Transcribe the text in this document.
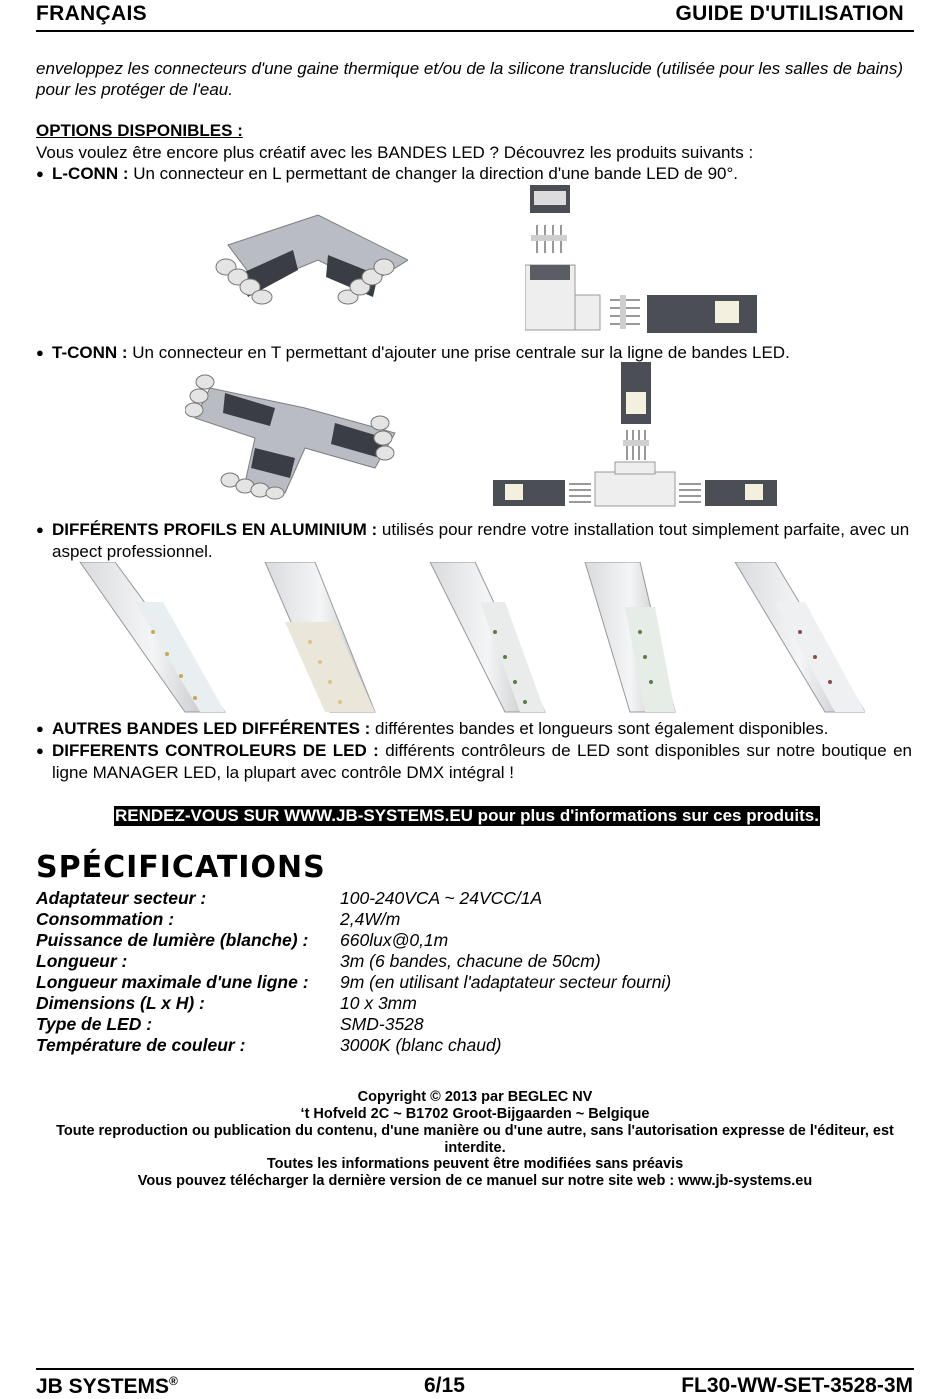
FRANÇAIS	GUIDE D'UTILISATION
enveloppez les connecteurs d'une gaine thermique et/ou de la silicone translucide (utilisée pour les salles de bains) pour les protéger de l'eau.
OPTIONS DISPONIBLES :
Vous voulez être encore plus créatif avec les BANDES LED ? Découvrez les produits suivants :
● L-CONN : Un connecteur en L permettant de changer la direction d'une bande LED de 90°.
● T-CONN : Un connecteur en T permettant d'ajouter une prise centrale sur la ligne de bandes LED.
● DIFFÉRENTS PROFILS EN ALUMINIUM : utilisés pour rendre votre installation tout simplement parfaite, avec un aspect professionnel.
● AUTRES BANDES LED DIFFÉRENTES : différentes bandes et longueurs sont également disponibles.
● DIFFERENTS CONTROLEURS DE LED : différents contrôleurs de LED sont disponibles sur notre boutique en ligne MANAGER LED, la plupart avec contrôle DMX intégral !
RENDEZ-VOUS SUR WWW.JB-SYSTEMS.EU pour plus d'informations sur ces produits.
SPÉCIFICATIONS
Adaptateur secteur :	100-240VCA ~ 24VCC/1A
Consommation :	2,4W/m
Puissance de lumière (blanche) : 660lux@0,1m
Longueur :	3m (6 bandes, chacune de 50cm)
Longueur maximale d'une ligne : 9m (en utilisant l'adaptateur secteur fourni)
Dimensions (L x H) :	10 x 3mm
Type de LED :	SMD-3528
Température de couleur :	3000K (blanc chaud)
Copyright © 2013 par BEGLEC NV
‘t Hofveld 2C ~ B1702 Groot-Bijgaarden ~ Belgique
Toute reproduction ou publication du contenu, d'une manière ou d'une autre, sans l'autorisation expresse de l'éditeur, est interdite.
Toutes les informations peuvent être modifiées sans préavis
Vous pouvez télécharger la dernière version de ce manuel sur notre site web : www.jb-systems.eu
JB SYSTEMS®	6/15	FL30-WW-SET-3528-3M
